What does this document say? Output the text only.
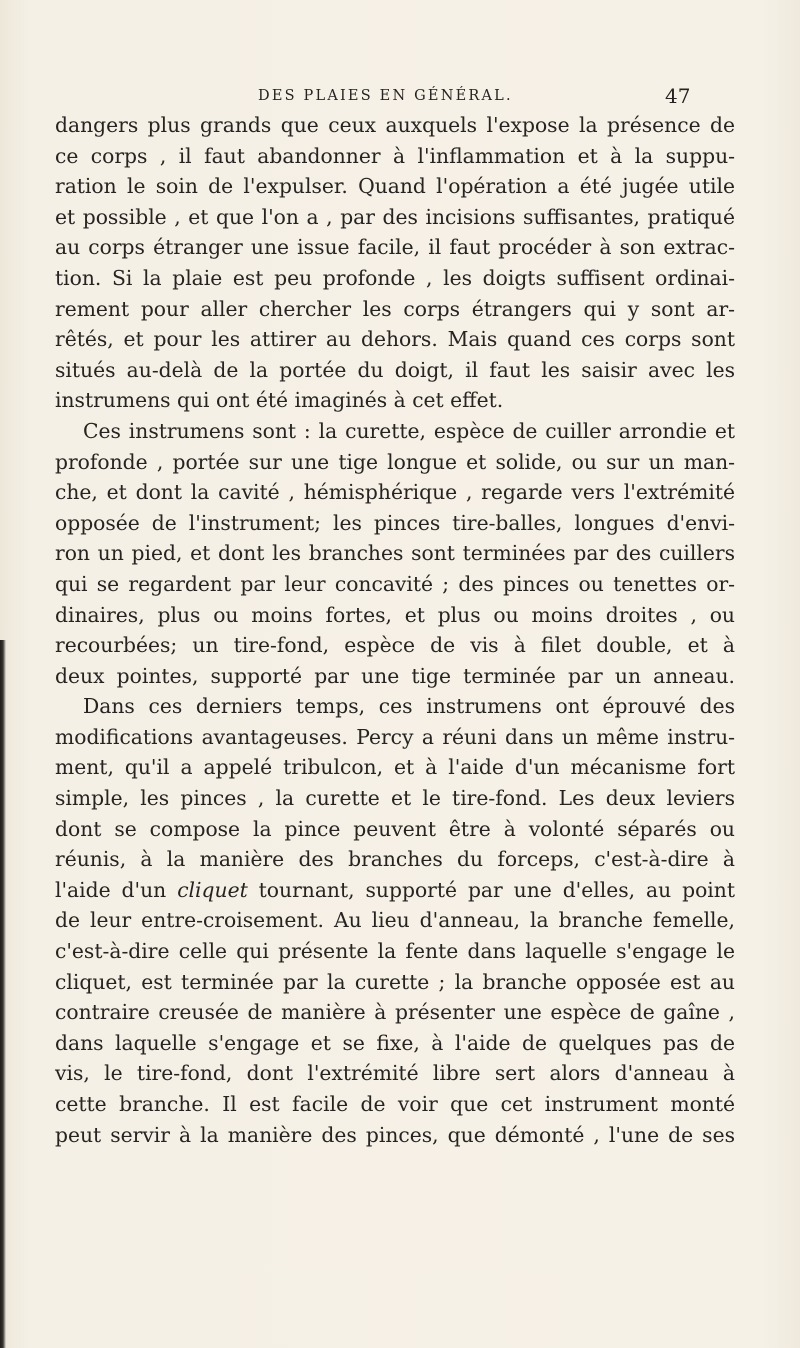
DES PLAIES EN GÉNÉRAL.	47
dangers plus grands que ceux auxquels l'expose la présence de
ce corps , il faut abandonner à l'inflammation et à la suppu-
ration le soin de l'expulser. Quand l'opération a été jugée utile
et possible , et que l'on a , par des incisions suffisantes, pratiqué
au corps étranger une issue facile, il faut procéder à son extrac-
tion. Si la plaie est peu profonde , les doigts suffisent ordinai-
rement pour aller chercher les corps étrangers qui y sont ar-
rêtés, et pour les attirer au dehors. Mais quand ces corps sont
situés au-delà de la portée du doigt, il faut les saisir avec les
instrumens qui ont été imaginés à cet effet.
Ces instrumens sont : la curette, espèce de cuiller arrondie et
profonde , portée sur une tige longue et solide, ou sur un man-
che, et dont la cavité , hémisphérique , regarde vers l'extrémité
opposée de l'instrument; les pinces tire-balles, longues d'envi-
ron un pied, et dont les branches sont terminées par des cuillers
qui se regardent par leur concavité ; des pinces ou tenettes or-
dinaires, plus ou moins fortes, et plus ou moins droites , ou
recourbées; un tire-fond, espèce de vis à filet double, et à
deux pointes, supporté par une tige terminée par un anneau.
Dans ces derniers temps, ces instrumens ont éprouvé des
modifications avantageuses. Percy a réuni dans un même instru-
ment, qu'il a appelé tribulcon, et à l'aide d'un mécanisme fort
simple, les pinces , la curette et le tire-fond. Les deux leviers
dont se compose la pince peuvent être à volonté séparés ou
réunis, à la manière des branches du forceps, c'est-à-dire à
l'aide d'un cliquet tournant, supporté par une d'elles, au point
de leur entre-croisement. Au lieu d'anneau, la branche femelle,
c'est-à-dire celle qui présente la fente dans laquelle s'engage le
cliquet, est terminée par la curette ; la branche opposée est au
contraire creusée de manière à présenter une espèce de gaîne ,
dans laquelle s'engage et se fixe, à l'aide de quelques pas de
vis, le tire-fond, dont l'extrémité libre sert alors d'anneau à
cette branche. Il est facile de voir que cet instrument monté
peut servir à la manière des pinces, que démonté , l'une de ses
